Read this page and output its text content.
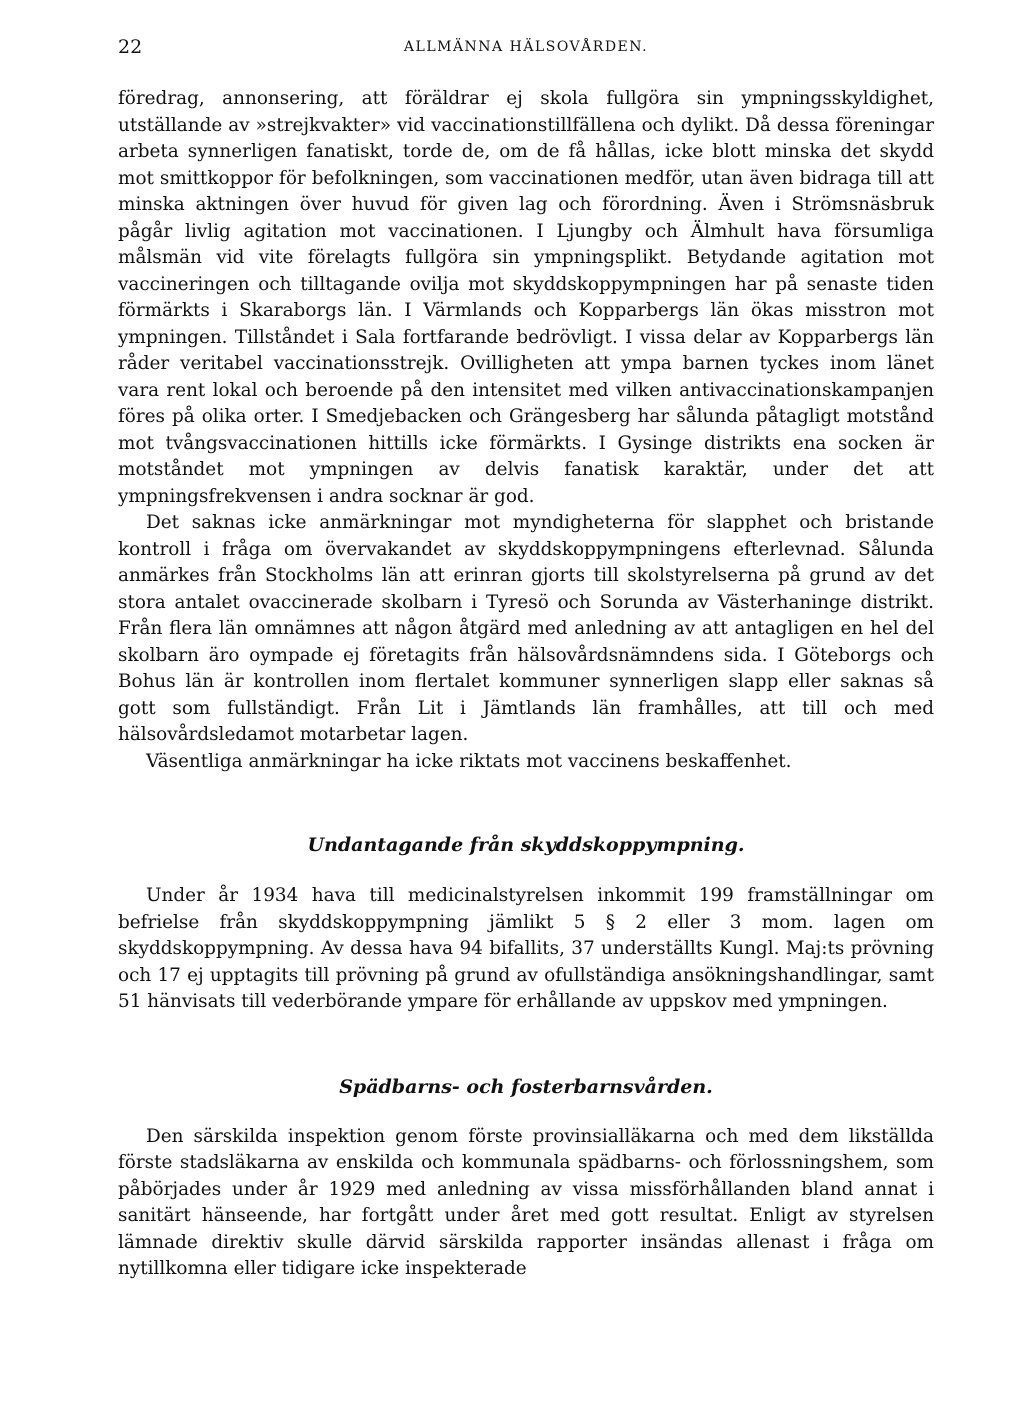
22	ALLMÄNNA HÄLSOVÅRDEN.

föredrag, annonsering, att föräldrar ej skola fullgöra sin ympningsskyldighet, utställande av »strejkvakter» vid vaccinationstillfällena och dylikt. Då dessa föreningar arbeta synnerligen fanatiskt, torde de, om de få hållas, icke blott minska det skydd mot smittkoppor för befolkningen, som vaccinationen medför, utan även bidraga till att minska aktningen över huvud för given lag och förordning. Även i Strömsnäsbruk pågår livlig agitation mot vaccinationen. I Ljungby och Älmhult hava försumliga målsmän vid vite förelagts fullgöra sin ympningsplikt. Betydande agitation mot vaccineringen och tilltagande ovilja mot skyddskoppympningen har på senaste tiden förmärkts i Skaraborgs län. I Värmlands och Kopparbergs län ökas misstron mot ympningen. Tillståndet i Sala fortfarande bedrövligt. I vissa delar av Kopparbergs län råder veritabel vaccinationsstrejk. Ovilligheten att ympa barnen tyckes inom länet vara rent lokal och beroende på den intensitet med vilken antivaccinationskampanjen föres på olika orter. I Smedjebacken och Grängesberg har sålunda påtagligt motstånd mot tvångsvaccinationen hittills icke förmärkts. I Gysinge distrikts ena socken är motståndet mot ympningen av delvis fanatisk karaktär, under det att ympningsfrekvensen i andra socknar är god.

Det saknas icke anmärkningar mot myndigheterna för slapphet och bristande kontroll i fråga om övervakandet av skyddskoppympningens efterlevnad. Sålunda anmärkes från Stockholms län att erinran gjorts till skolstyrelserna på grund av det stora antalet ovaccinerade skolbarn i Tyresö och Sorunda av Västerhaninge distrikt. Från flera län omnämnes att någon åtgärd med anledning av att antagligen en hel del skolbarn äro oympade ej företagits från hälsovårdsnämndens sida. I Göteborgs och Bohus län är kontrollen inom flertalet kommuner synnerligen slapp eller saknas så gott som fullständigt. Från Lit i Jämtlands län framhålles, att till och med hälsovårdsledamot motarbetar lagen.

Väsentliga anmärkningar ha icke riktats mot vaccinens beskaffenhet.

Undantagande från skyddskoppympning.

Under år 1934 hava till medicinalstyrelsen inkommit 199 framställningar om befrielse från skyddskoppympning jämlikt 5 § 2 eller 3 mom. lagen om skyddskoppympning. Av dessa hava 94 bifallits, 37 underställts Kungl. Maj:ts prövning och 17 ej upptagits till prövning på grund av ofullständiga ansökningshandlingar, samt 51 hänvisats till vederbörande ympare för erhållande av uppskov med ympningen.

Spädbarns- och fosterbarnsvården.

Den särskilda inspektion genom förste provinsialläkarna och med dem likställda förste stadsläkarna av enskilda och kommunala spädbarns- och förlossningshem, som påbörjades under år 1929 med anledning av vissa missförhållanden bland annat i sanitärt hänseende, har fortgått under året med gott resultat. Enligt av styrelsen lämnade direktiv skulle därvid särskilda rapporter insändas allenast i fråga om nytillkomna eller tidigare icke inspekterade
